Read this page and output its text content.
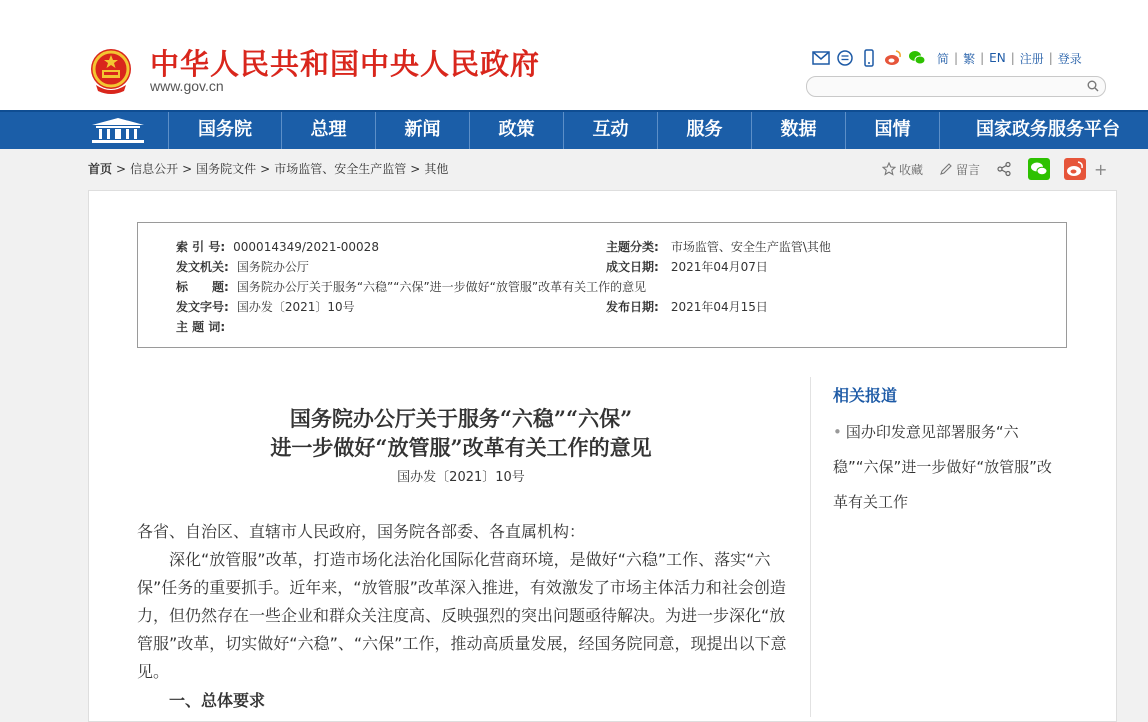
中华人民共和国中央人民政府
www.gov.cn
简 | 繁 | EN | 注册 | 登录
国务院	总理	新闻	政策	互动	服务	数据	国情	国家政务服务平台
首页 > 信息公开 > 国务院文件 > 市场监管、安全生产监管 > 其他	收藏	留言	+
索 引 号: 000014349/2021-00028	主题分类: 市场监管、安全生产监管\其他
发文机关: 国务院办公厅	成文日期: 2021年04月07日
标　　题: 国务院办公厅关于服务“六稳”“六保”进一步做好“放管服”改革有关工作的意见
发文字号: 国办发〔2021〕10号	发布日期: 2021年04月15日
主 题 词:
国务院办公厅关于服务“六稳”“六保”
进一步做好“放管服”改革有关工作的意见
国办发〔2021〕10号

各省、自治区、直辖市人民政府，国务院各部委、各直属机构：

深化“放管服”改革，打造市场化法治化国际化营商环境，是做好“六稳”工作、落实“六保”任务的重要抓手。近年来，“放管服”改革深入推进，有效激发了市场主体活力和社会创造力，但仍然存在一些企业和群众关注度高、反映强烈的突出问题亟待解决。为进一步深化“放管服”改革，切实做好“六稳”、“六保”工作，推动高质量发展，经国务院同意，现提出以下意见。

一、总体要求
相关报道
• 国办印发意见部署服务“六稳”“六保”进一步做好“放管服”改革有关工作
